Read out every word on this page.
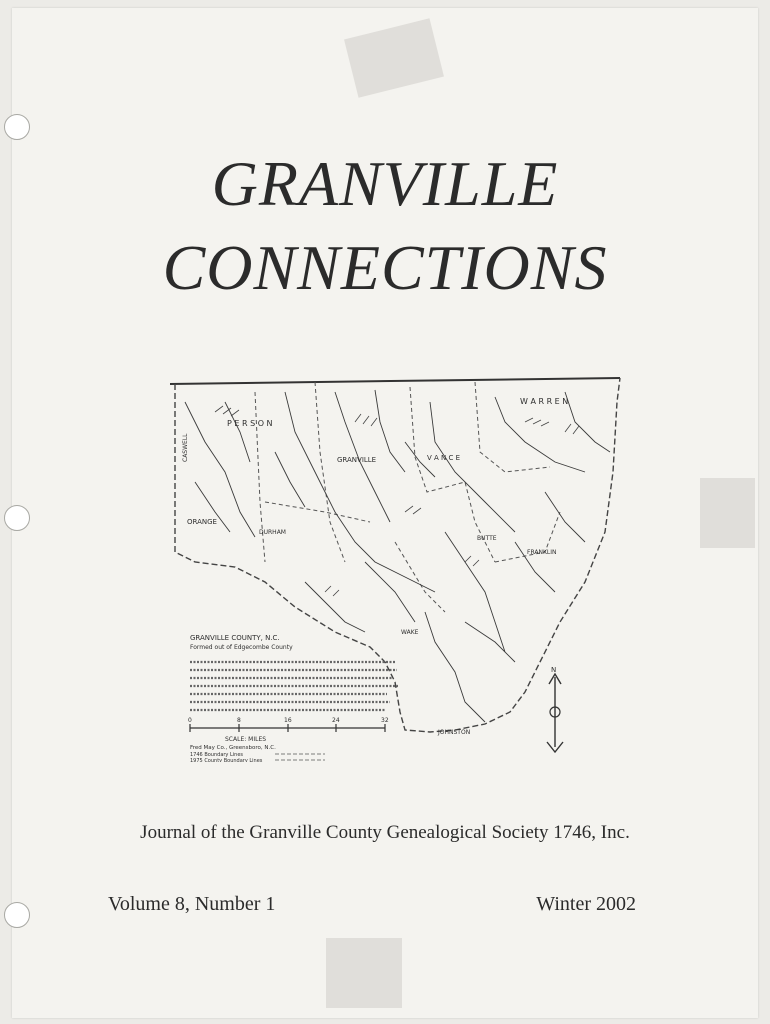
GRANVILLE
CONNECTIONS
P E R S O N
GRANVILLE	V A N C E
W A R R E N
ORANGE
DURHAM
BUTTE
FRANKLIN
WAKE
JOHNSTON
CASWELL
GRANVILLE COUNTY, N.C.
Formed out of Edgecombe County
0	8	16	24	32
SCALE: MILES
Fred May Co., Greensboro, N.C.
1746 Boundary Lines
1975 County Boundary Lines
N
Journal of the Granville County Genealogical Society 1746, Inc.
Volume 8, Number 1	Winter 2002
